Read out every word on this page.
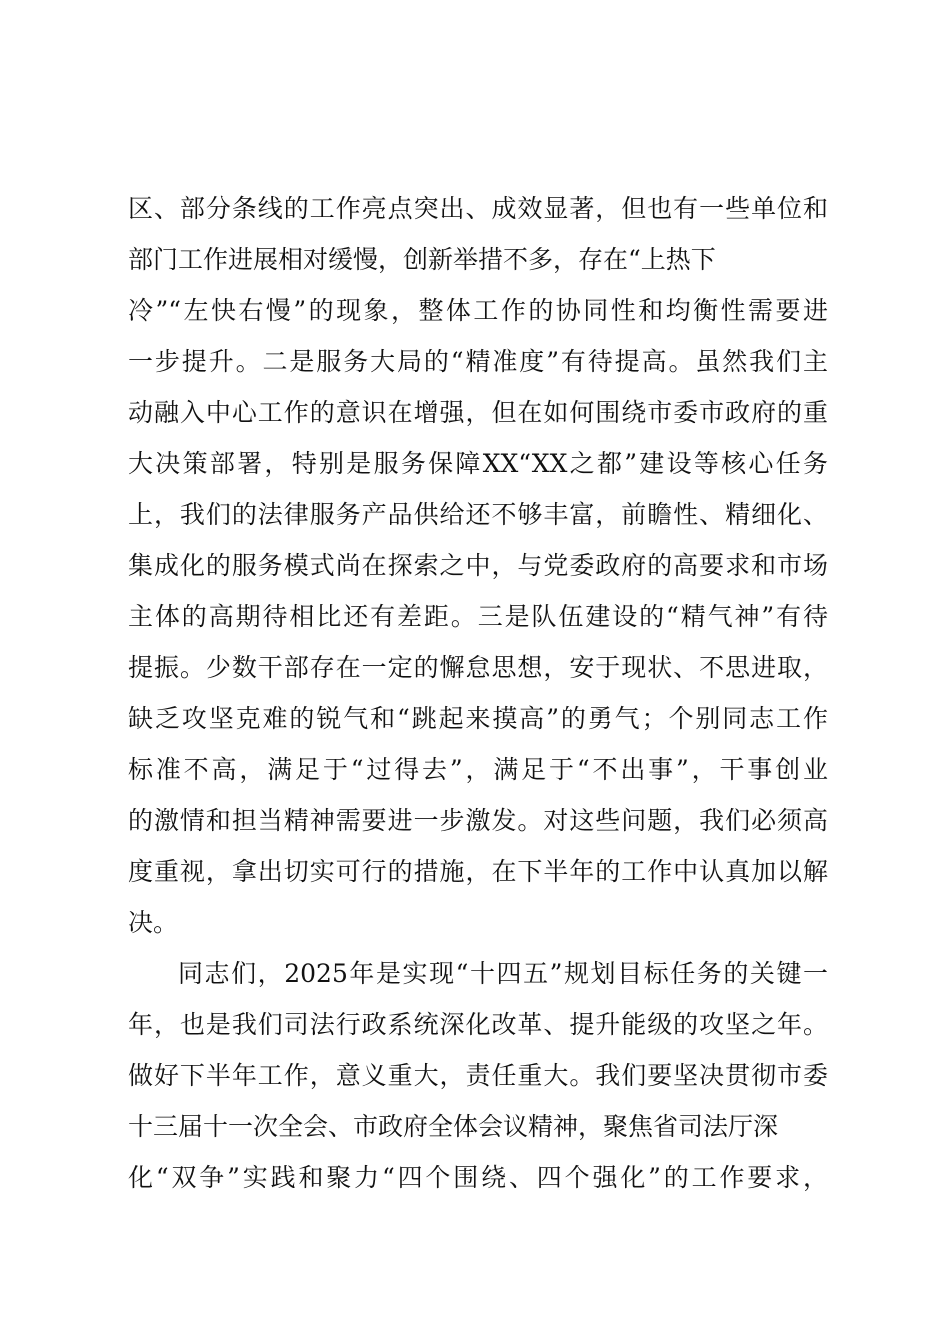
区、部分条线的工作亮点突出、成效显著，但也有一些单位和
部门工作进展相对缓慢，创新举措不多，存在“上热下
冷”“左快右慢”的现象，整体工作的协同性和均衡性需要进
一步提升。二是服务大局的“精准度”有待提高。虽然我们主
动融入中心工作的意识在增强，但在如何围绕市委市政府的重
大决策部署，特别是服务保障XX“XX之都”建设等核心任务
上，我们的法律服务产品供给还不够丰富，前瞻性、精细化、
集成化的服务模式尚在探索之中，与党委政府的高要求和市场
主体的高期待相比还有差距。三是队伍建设的“精气神”有待
提振。少数干部存在一定的懈怠思想，安于现状、不思进取，
缺乏攻坚克难的锐气和“跳起来摸高”的勇气；个别同志工作
标准不高，满足于“过得去”，满足于“不出事”，干事创业
的激情和担当精神需要进一步激发。对这些问题，我们必须高
度重视，拿出切实可行的措施，在下半年的工作中认真加以解
决。
同志们，2025年是实现“十四五”规划目标任务的关键一
年，也是我们司法行政系统深化改革、提升能级的攻坚之年。
做好下半年工作，意义重大，责任重大。我们要坚决贯彻市委
十三届十一次全会、市政府全体会议精神，聚焦省司法厅深
化“双争”实践和聚力“四个围绕、四个强化”的工作要求，
